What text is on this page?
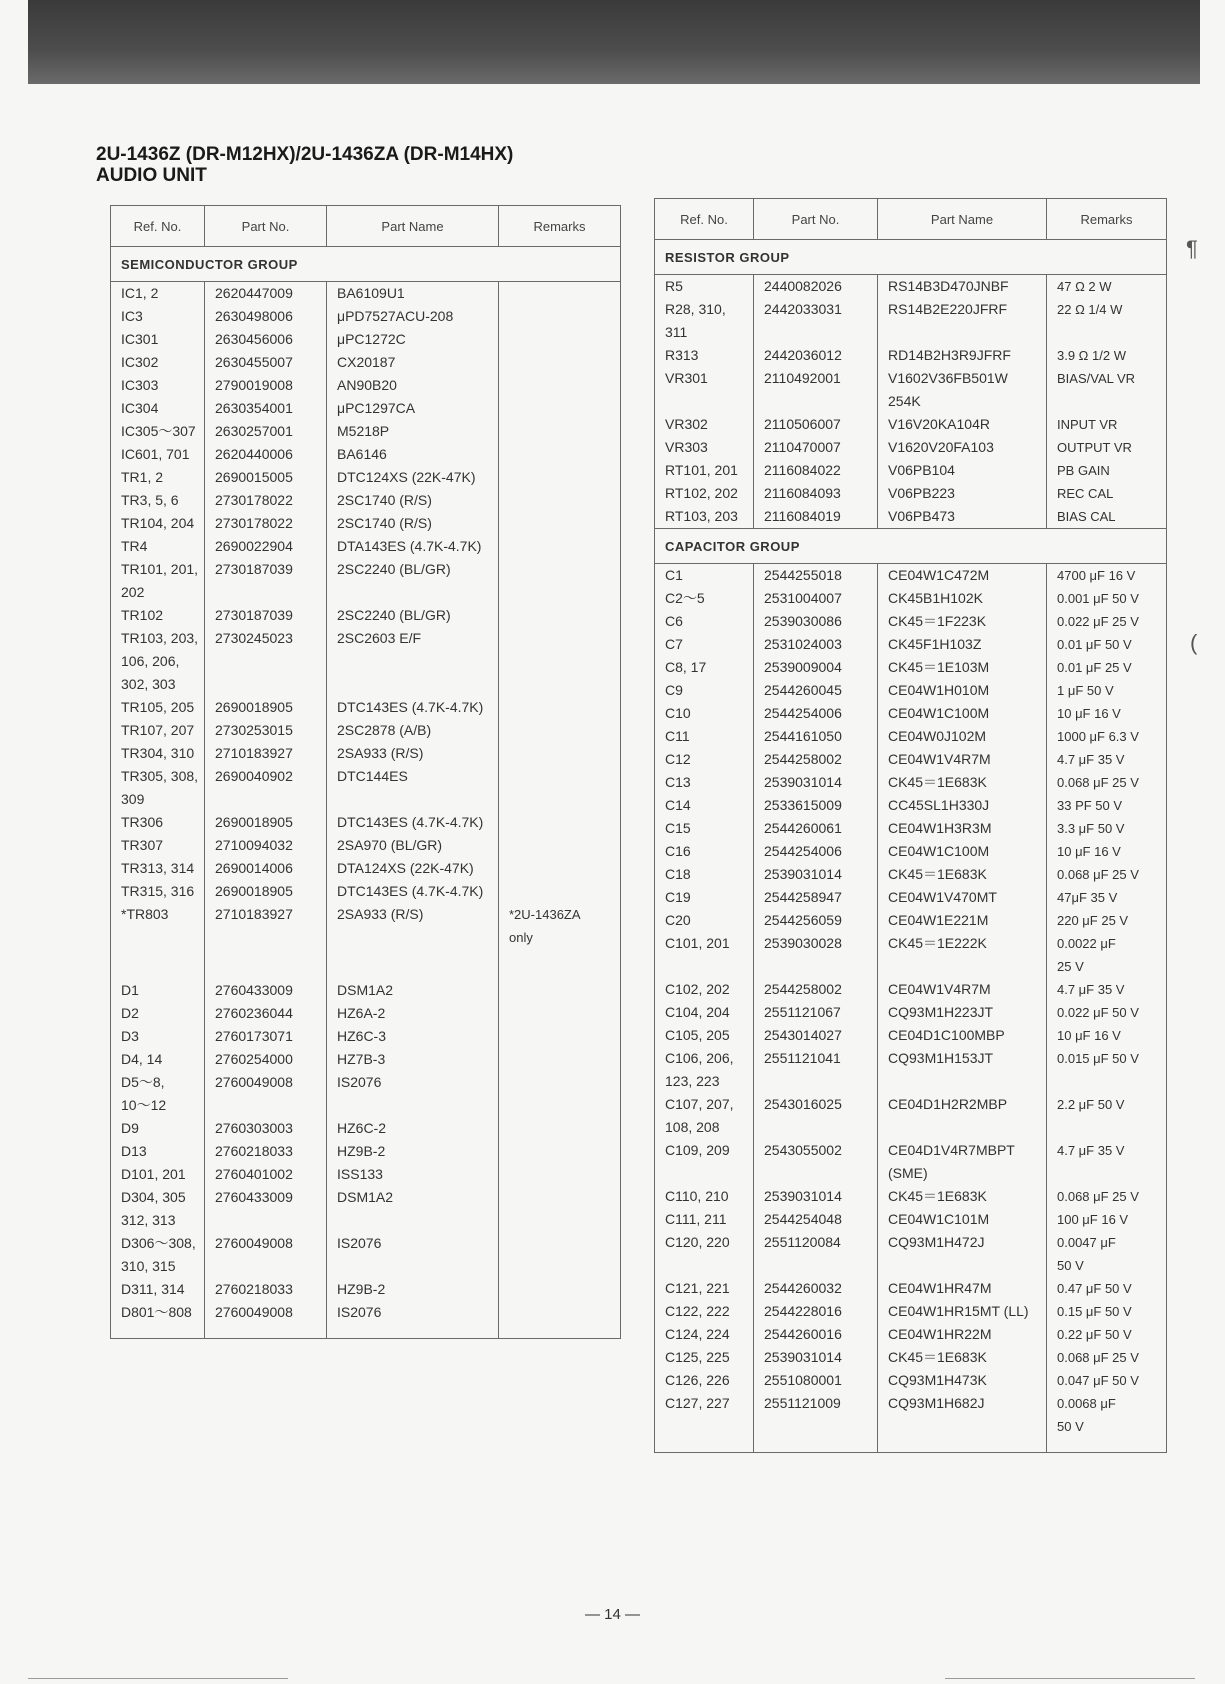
2U-1436Z (DR-M12HX)/2U-1436ZA (DR-M14HX)
AUDIO UNIT
Ref. No.	Part No.	Part Name	Remarks
SEMICONDUCTOR GROUP			
IC1, 2	2620447009	BA6109U1	
IC3	2630498006	μPD7527ACU-208	
IC301	2630456006	μPC1272C	
IC302	2630455007	CX20187	
IC303	2790019008	AN90B20	
IC304	2630354001	μPC1297CA	
IC305～307	2630257001	M5218P	
IC601, 701	2620440006	BA6146	
TR1, 2	2690015005	DTC124XS (22K-47K)	
TR3, 5, 6	2730178022	2SC1740 (R/S)	
TR104, 204	2730178022	2SC1740 (R/S)	
TR4	2690022904	DTA143ES (4.7K-4.7K)	
TR101, 201,
202	2730187039	2SC2240 (BL/GR)	
TR102	2730187039	2SC2240 (BL/GR)	
TR103, 203,
106, 206,
302, 303	2730245023	2SC2603 E/F	
TR105, 205	2690018905	DTC143ES (4.7K-4.7K)	
TR107, 207	2730253015	2SC2878 (A/B)	
TR304, 310	2710183927	2SA933 (R/S)	
TR305, 308,
309	2690040902	DTC144ES	
TR306	2690018905	DTC143ES (4.7K-4.7K)	
TR307	2710094032	2SA970 (BL/GR)	
TR313, 314	2690014006	DTA124XS (22K-47K)	
TR315, 316	2690018905	DTC143ES (4.7K-4.7K)	
*TR803	2710183927	2SA933 (R/S)	*2U-1436ZA
only

D1	2760433009	DSM1A2	
D2	2760236044	HZ6A-2	
D3	2760173071	HZ6C-3	
D4, 14	2760254000	HZ7B-3	
D5～8,
10～12	2760049008	IS2076	
D9	2760303003	HZ6C-2	
D13	2760218033	HZ9B-2	
D101, 201	2760401002	ISS133	
D304, 305
312, 313	2760433009	DSM1A2	
D306～308,
310, 315	2760049008	IS2076	
D311, 314	2760218033	HZ9B-2	
D801～808	2760049008	IS2076	

Ref. No.	Part No.	Part Name	Remarks
RESISTOR GROUP			
R5	2440082026	RS14B3D470JNBF	47 Ω 2 W
R28, 310,
311	2442033031	RS14B2E220JFRF	22 Ω 1/4 W
R313	2442036012	RD14B2H3R9JFRF	3.9 Ω 1/2 W
VR301	2110492001	V1602V36FB501W
254K	BIAS/VAL VR
VR302	2110506007	V16V20KA104R	INPUT VR
VR303	2110470007	V1620V20FA103	OUTPUT VR
RT101, 201	2116084022	V06PB104	PB GAIN
RT102, 202	2116084093	V06PB223	REC CAL
RT103, 203	2116084019	V06PB473	BIAS CAL
CAPACITOR GROUP			
C1	2544255018	CE04W1C472M	4700 μF 16 V
C2～5	2531004007	CK45B1H102K	0.001 μF 50 V
C6	2539030086	CK45＝1F223K	0.022 μF 25 V
C7	2531024003	CK45F1H103Z	0.01 μF 50 V
C8, 17	2539009004	CK45＝1E103M	0.01 μF 25 V
C9	2544260045	CE04W1H010M	1 μF 50 V
C10	2544254006	CE04W1C100M	10 μF 16 V
C11	2544161050	CE04W0J102M	1000 μF 6.3 V
C12	2544258002	CE04W1V4R7M	4.7 μF 35 V
C13	2539031014	CK45＝1E683K	0.068 μF 25 V
C14	2533615009	CC45SL1H330J	33 PF 50 V
C15	2544260061	CE04W1H3R3M	3.3 μF 50 V
C16	2544254006	CE04W1C100M	10 μF 16 V
C18	2539031014	CK45＝1E683K	0.068 μF 25 V
C19	2544258947	CE04W1V470MT	47μF 35 V
C20	2544256059	CE04W1E221M	220 μF 25 V
C101, 201	2539030028	CK45＝1E222K	0.0022 μF
25 V
C102, 202	2544258002	CE04W1V4R7M	4.7 μF 35 V
C104, 204	2551121067	CQ93M1H223JT	0.022 μF 50 V
C105, 205	2543014027	CE04D1C100MBP	10 μF 16 V
C106, 206,
123, 223	2551121041	CQ93M1H153JT	0.015 μF 50 V
C107, 207,
108, 208	2543016025	CE04D1H2R2MBP	2.2 μF 50 V
C109, 209	2543055002	CE04D1V4R7MBPT
(SME)	4.7 μF 35 V
C110, 210	2539031014	CK45＝1E683K	0.068 μF 25 V
C111, 211	2544254048	CE04W1C101M	100 μF 16 V
C120, 220	2551120084	CQ93M1H472J	0.0047 μF
50 V
C121, 221	2544260032	CE04W1HR47M	0.47 μF 50 V
C122, 222	2544228016	CE04W1HR15MT (LL)	0.15 μF 50 V
C124, 224	2544260016	CE04W1HR22M	0.22 μF 50 V
C125, 225	2539031014	CK45＝1E683K	0.068 μF 25 V
C126, 226	2551080001	CQ93M1H473K	0.047 μF 50 V
C127, 227	2551121009	CQ93M1H682J	0.0068 μF
50 V

— 14 —
¶
(
